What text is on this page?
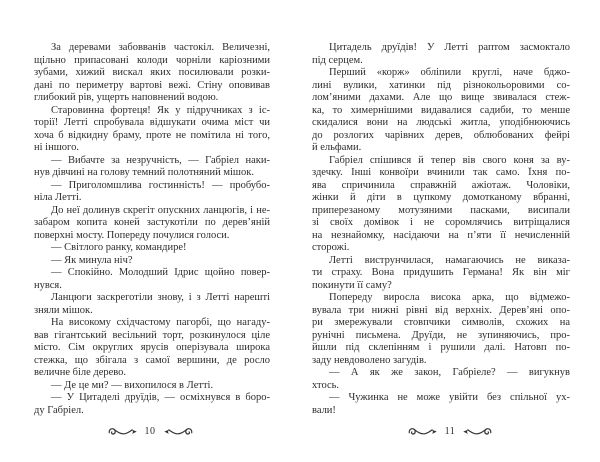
За деревами забовванів частокіл. Величезні,
щільно припасовані колоди чорніли каріозними
зубами, хижий вискал яких посилювали розки-
дані по периметру вартові вежі. Стіну оповивав
глибокий рів, ущерть наповнений водою.
Старовинна фортеця! Як у підручниках з іс-
торії! Летті спробувала відшукати очима міст чи
хоча б відкидну браму, проте не помітила ні того,
ні іншого.
— Вибачте за незручність, — Габріел наки-
нув дівчині на голову темний полотняний мішок.
— Приголомшлива гостинність! — пробубо-
ніла Летті.
До неї долинув скрегіт опускних ланцюгів, і не-
забаром копита коней застукотіли по дерев’яній
поверхні мосту. Попереду почулися голоси.
— Світлого ранку, командире!
— Як минула ніч?
— Спокійно. Молодший Ідрис щойно повер-
нувся.
Ланцюги заскреготіли знову, і з Летті нарешті
зняли мішок.
На високому східчастому пагорбі, що нагаду-
вав гігантський весільний торт, розкинулося ціле
місто. Сім округлих ярусів оперізувала широка
стежка, що збігала з самої вершини, де росло
величне біле дерево.
— Де це ми? — вихопилося в Летті.
— У Цитаделі друїдів, — осміхнувся в боро-
ду Габріел.
10
Цитадель друїдів! У Летті раптом засмоктало
під серцем.
Перший «корж» обліпили круглі, наче бджо-
лині вулики, хатинки під різнокольоровими со-
лом’яними дахами. Але що вище звивалася стеж-
ка, то химернішими видавалися садиби, то менше
скидалися вони на людські житла, уподібнюючись
до розлогих чарівних дерев, облюбованих фейрі
й ельфами.
Габріел спішився й тепер вів свого коня за ву-
здечку. Інші конвоїри вчинили так само. Їхня по-
ява спричинила справжній ажіотаж. Чоловіки,
жінки й діти в цупкому домотканому вбранні,
приперезаному мотузяними пасками, висипали
зі своїх домівок і не соромлячись витріщалися
на незнайомку, насідаючи на п’яти її нечисленній
сторожі.
Летті виструнчилася, намагаючись не виказа-
ти страху. Вона придушить Германа! Як він міг
покинути її саму?
Попереду виросла висока арка, що відмежо-
вувала три нижні рівні від верхніх. Дерев’яні опо-
ри змережували стовпчики символів, схожих на
рунічні письмена. Друїди, не зупиняючись, про-
йшли під склепінням і рушили далі. Натовп по-
заду невдоволено загудів.
— А як же закон, Габріеле? — вигукнув
хтось.
— Чужинка не може увійти без спільної ух-
вали!
11
